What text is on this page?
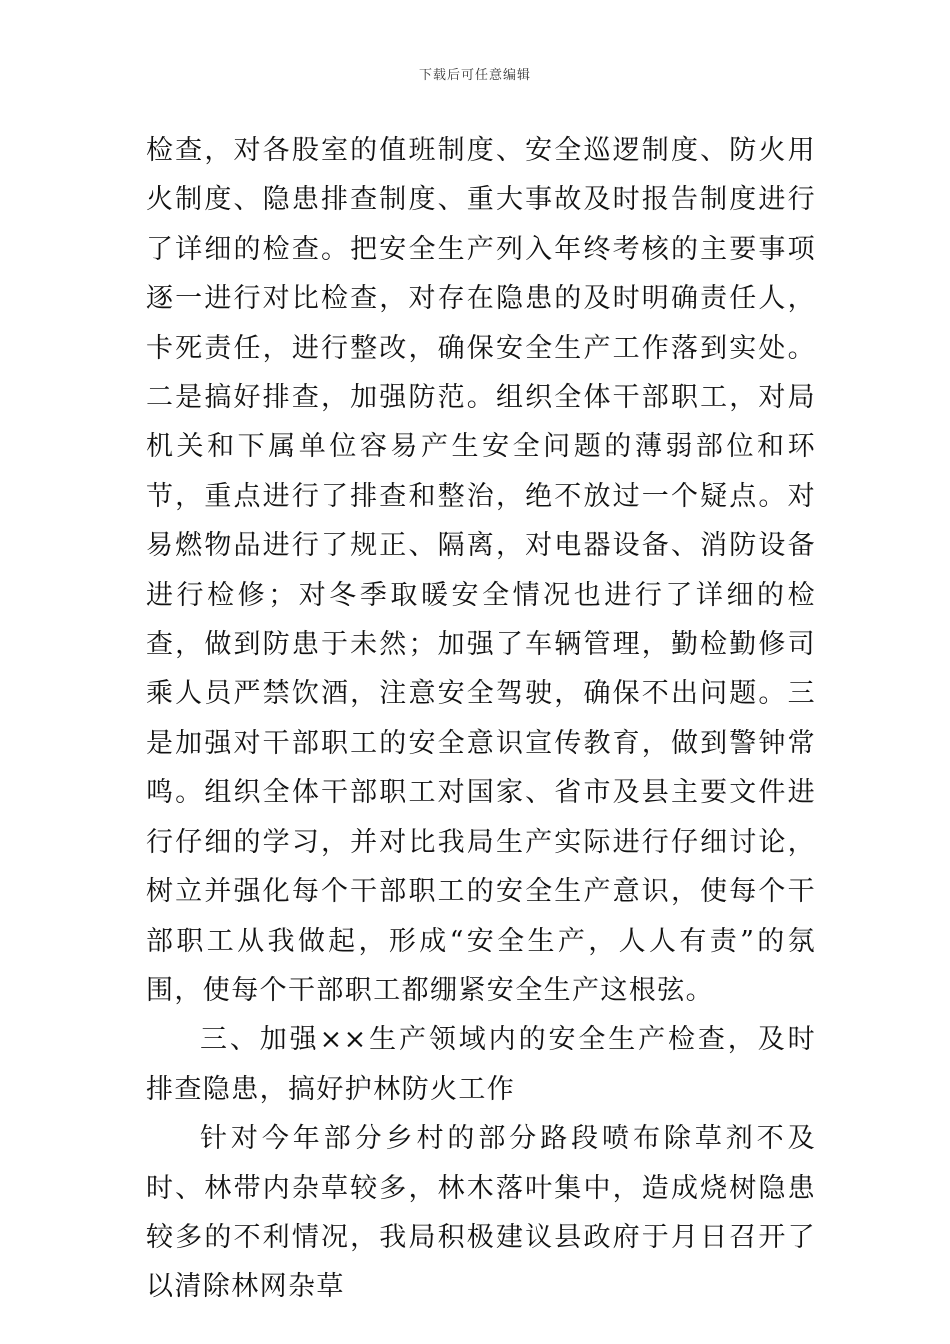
下载后可任意编辑

检查，对各股室的值班制度、安全巡逻制度、防火用火制度、隐患排查制度、重大事故及时报告制度进行了详细的检查。把安全生产列入年终考核的主要事项逐一进行对比检查，对存在隐患的及时明确责任人，卡死责任，进行整改，确保安全生产工作落到实处。二是搞好排查，加强防范。组织全体干部职工，对局机关和下属单位容易产生安全问题的薄弱部位和环节，重点进行了排查和整治，绝不放过一个疑点。对易燃物品进行了规正、隔离，对电器设备、消防设备进行检修；对冬季取暖安全情况也进行了详细的检查，做到防患于未然；加强了车辆管理，勤检勤修司乘人员严禁饮酒，注意安全驾驶，确保不出问题。三是加强对干部职工的安全意识宣传教育，做到警钟常鸣。组织全体干部职工对国家、省市及县主要文件进行仔细的学习，并对比我局生产实际进行仔细讨论，树立并强化每个干部职工的安全生产意识，使每个干部职工从我做起，形成“安全生产，人人有责”的氛围，使每个干部职工都绷紧安全生产这根弦。

三、加强××生产领域内的安全生产检查，及时排查隐患，搞好护林防火工作

针对今年部分乡村的部分路段喷布除草剂不及时、林带内杂草较多，林木落叶集中，造成烧树隐患较多的不利情况，我局积极建议县政府于月日召开了以清除林网杂草
